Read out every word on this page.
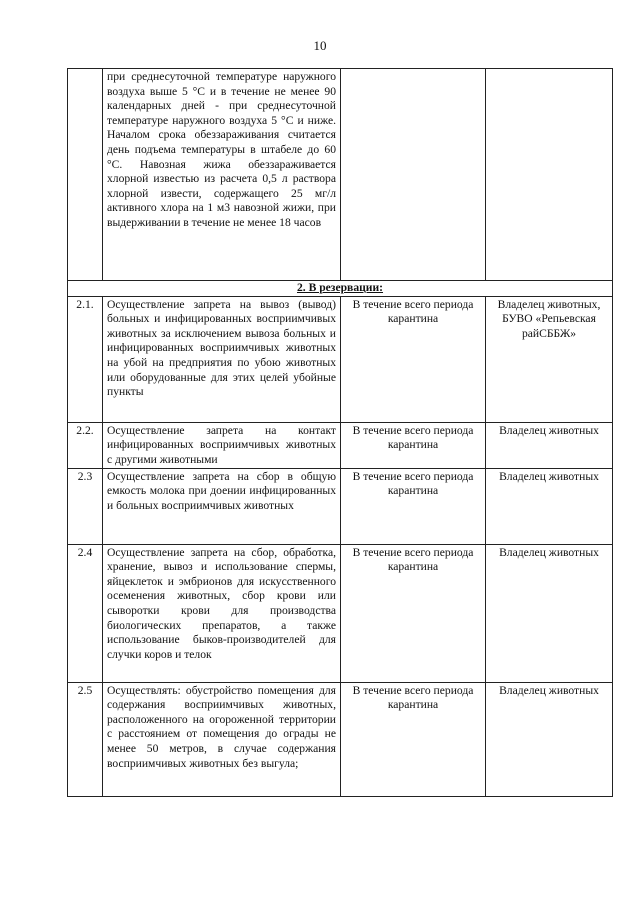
10
	при среднесуточной температуре наружного воздуха выше 5 °С и в течение не менее 90 календарных дней - при среднесуточной температуре наружного воздуха 5 °С и ниже. Началом срока обеззараживания считается день подъема температуры в штабеле до 60 °С. Навозная жижа обеззараживается хлорной известью из расчета 0,5 л раствора хлорной извести, содержащего 25 мг/л активного хлора на 1 м3 навозной жижи, при выдерживании в течение не менее 18 часов		
2. В резервации:			
2.1.	Осуществление запрета на вывоз (вывод) больных и инфицированных восприимчивых животных за исключением вывоза больных и инфицированных восприимчивых животных на убой на предприятия по убою животных или оборудованные для этих целей убойные пункты	В течение всего периода карантина	Владелец животных, БУВО «Репьевская райСББЖ»
2.2.	Осуществление запрета на контакт инфицированных восприимчивых животных с другими животными	В течение всего периода карантина	Владелец животных
2.3	Осуществление запрета на сбор в общую емкость молока при доении инфицированных и больных восприимчивых животных	В течение всего периода карантина	Владелец животных
2.4	Осуществление запрета на сбор, обработка, хранение, вывоз и использование спермы, яйцеклеток и эмбрионов для искусственного осеменения животных, сбор крови или сыворотки крови для производства биологических препаратов, а также использование быков-производителей для случки коров и телок	В течение всего периода карантина	Владелец животных
2.5	Осуществлять: обустройство помещения для содержания восприимчивых животных, расположенного на огороженной территории с расстоянием от помещения до ограды не менее 50 метров, в случае содержания восприимчивых животных без выгула;	В течение всего периода карантина	Владелец животных
